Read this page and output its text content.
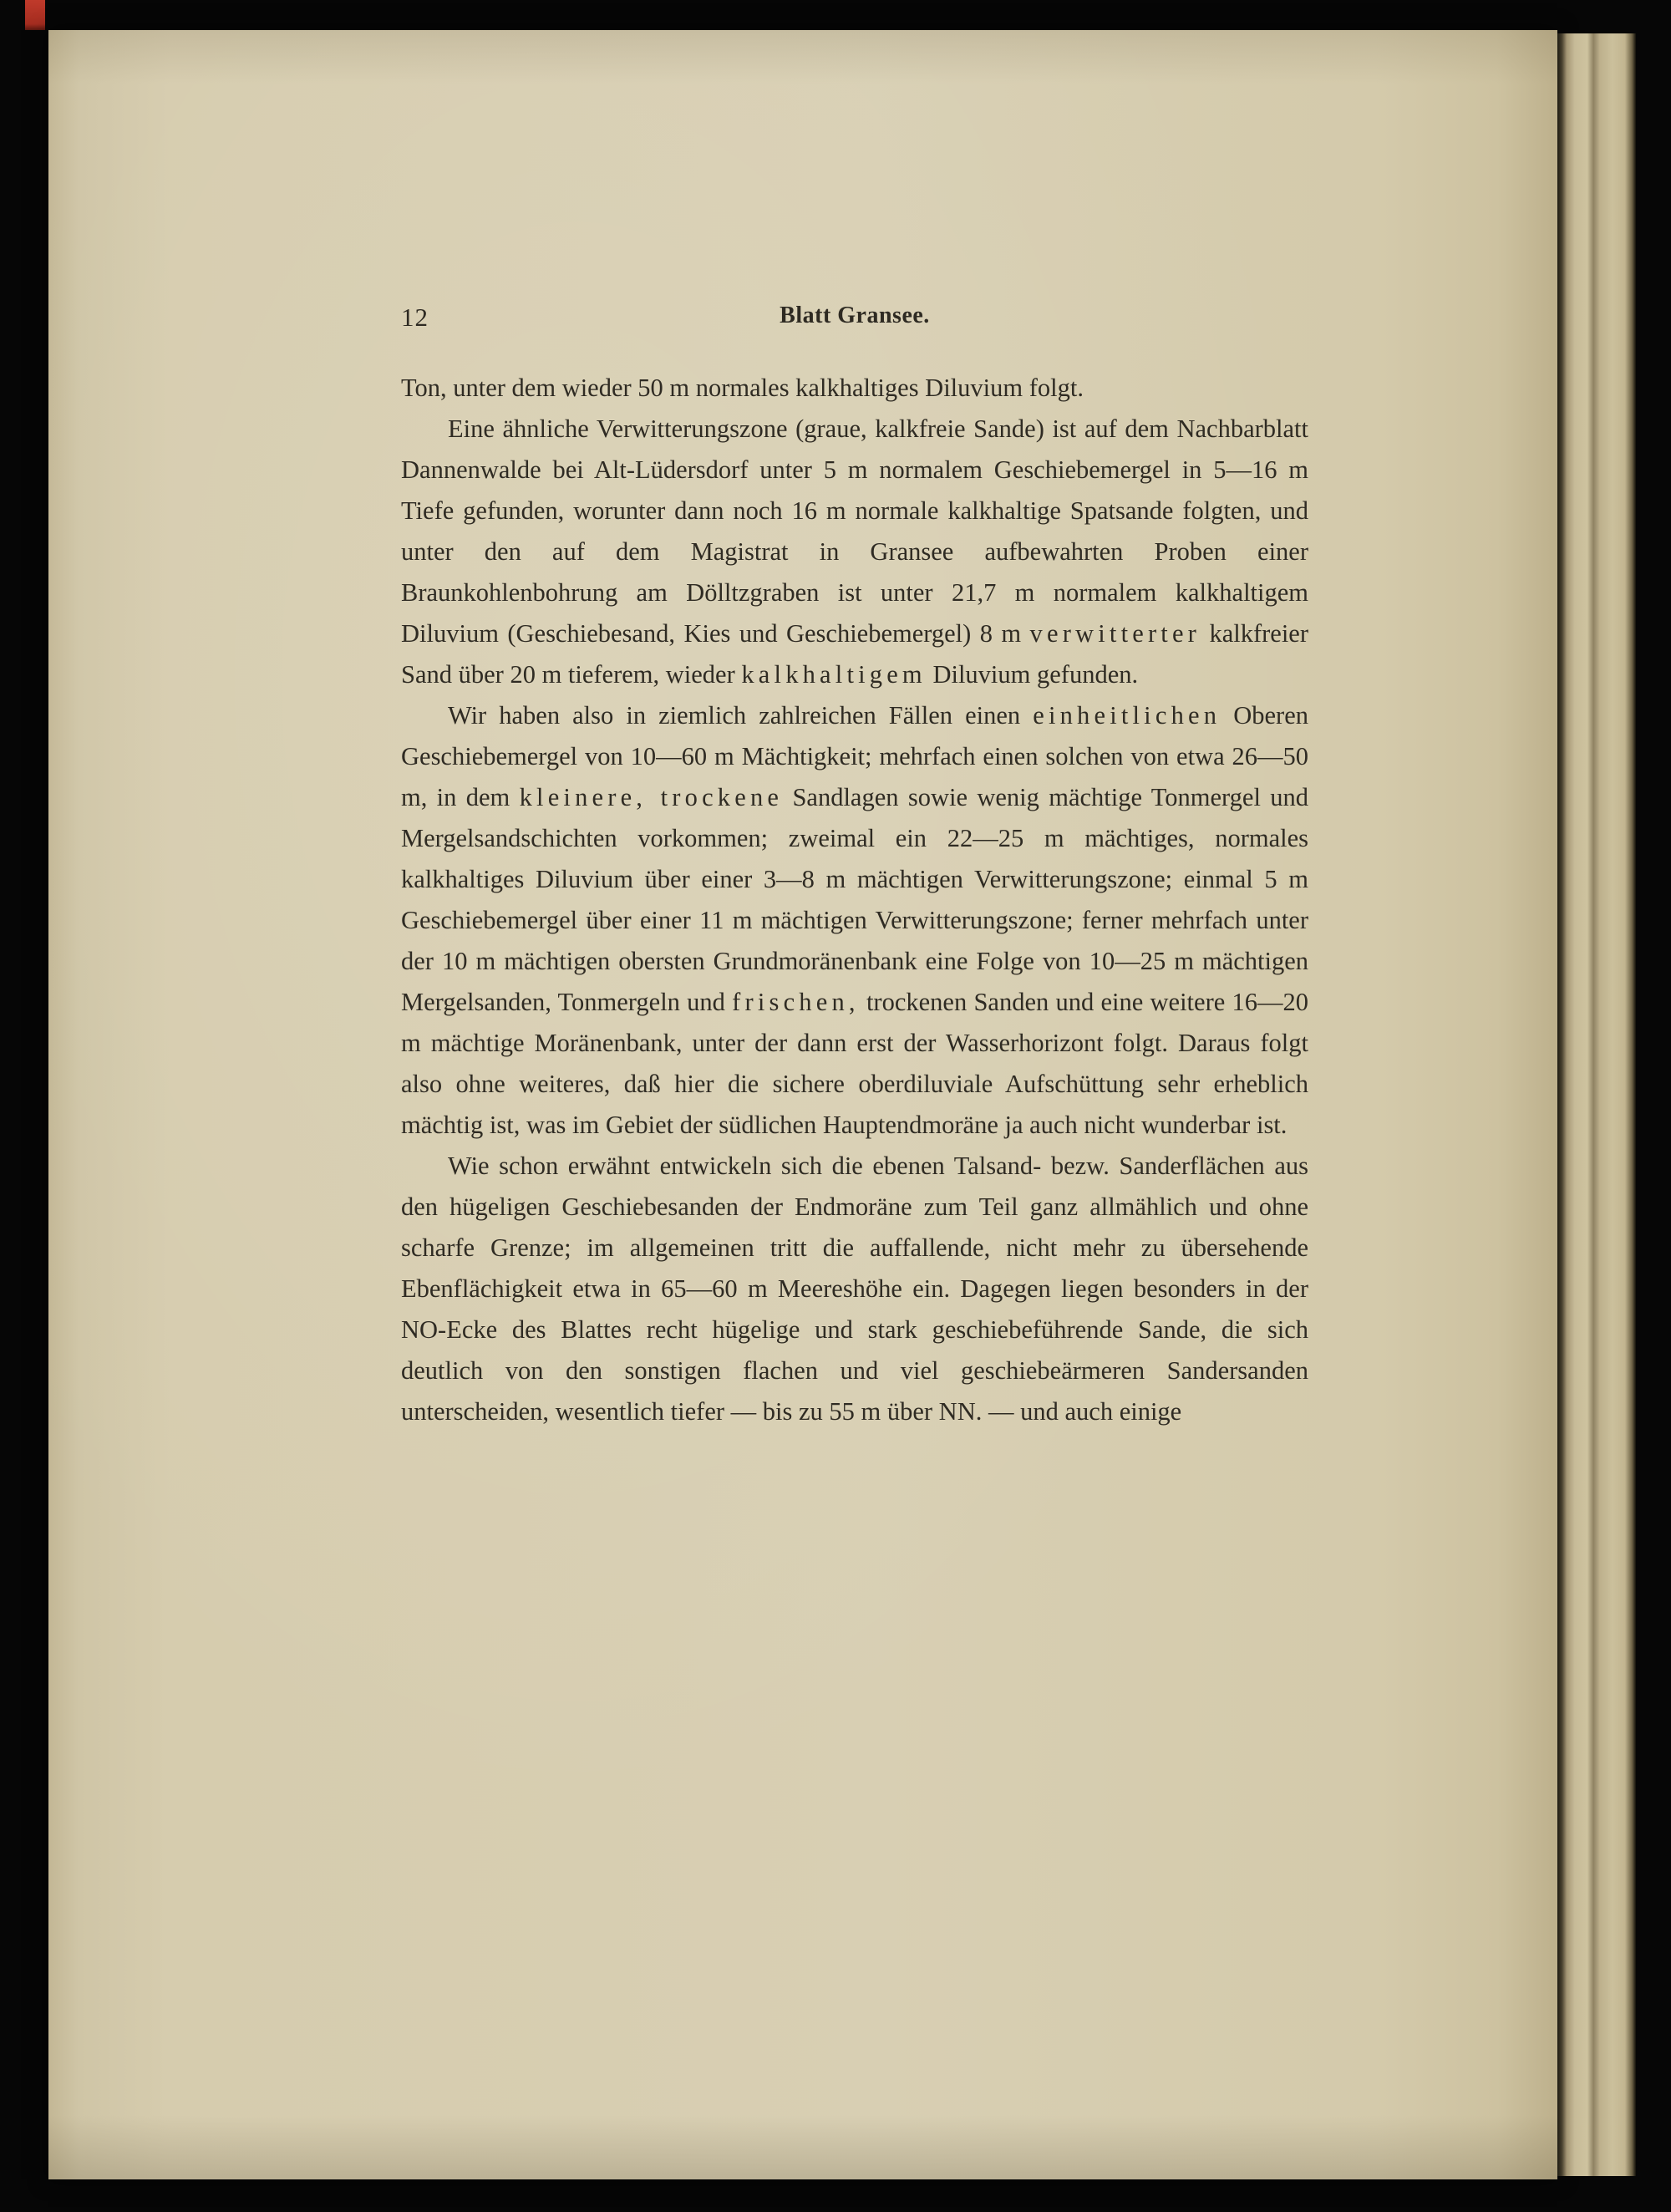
12	Blatt Gransee.

Ton, unter dem wieder 50 m normales kalkhaltiges Diluvium folgt.

Eine ähnliche Verwitterungszone (graue, kalkfreie Sande) ist auf dem Nachbarblatt Dannenwalde bei Alt-Lüdersdorf unter 5 m normalem Geschiebemergel in 5—16 m Tiefe gefunden, worunter dann noch 16 m normale kalkhaltige Spatsande folgten, und unter den auf dem Magistrat in Gransee aufbewahrten Proben einer Braunkohlenbohrung am Dölltzgraben ist unter 21,7 m normalem kalkhaltigem Diluvium (Geschiebesand, Kies und Geschiebemergel) 8 m verwitterter kalkfreier Sand über 20 m tieferem, wieder kalkhaltigem Diluvium gefunden.

Wir haben also in ziemlich zahlreichen Fällen einen einheitlichen Oberen Geschiebemergel von 10—60 m Mächtigkeit; mehrfach einen solchen von etwa 26—50 m, in dem kleinere, trockene Sandlagen sowie wenig mächtige Tonmergel und Mergelsandschichten vorkommen; zweimal ein 22—25 m mächtiges, normales kalkhaltiges Diluvium über einer 3—8 m mächtigen Verwitterungszone; einmal 5 m Geschiebemergel über einer 11 m mächtigen Verwitterungszone; ferner mehrfach unter der 10 m mächtigen obersten Grundmoränenbank eine Folge von 10—25 m mächtigen Mergelsanden, Tonmergeln und frischen, trockenen Sanden und eine weitere 16—20 m mächtige Moränenbank, unter der dann erst der Wasserhorizont folgt. Daraus folgt also ohne weiteres, daß hier die sichere oberdiluviale Aufschüttung sehr erheblich mächtig ist, was im Gebiet der südlichen Hauptendmoräne ja auch nicht wunderbar ist.

Wie schon erwähnt entwickeln sich die ebenen Talsand- bezw. Sanderflächen aus den hügeligen Geschiebesanden der Endmoräne zum Teil ganz allmählich und ohne scharfe Grenze; im allgemeinen tritt die auffallende, nicht mehr zu übersehende Ebenflächigkeit etwa in 65—60 m Meereshöhe ein. Dagegen liegen besonders in der NO-Ecke des Blattes recht hügelige und stark geschiebeführende Sande, die sich deutlich von den sonstigen flachen und viel geschiebeärmeren Sandersanden unterscheiden, wesentlich tiefer — bis zu 55 m über NN. — und auch einige
